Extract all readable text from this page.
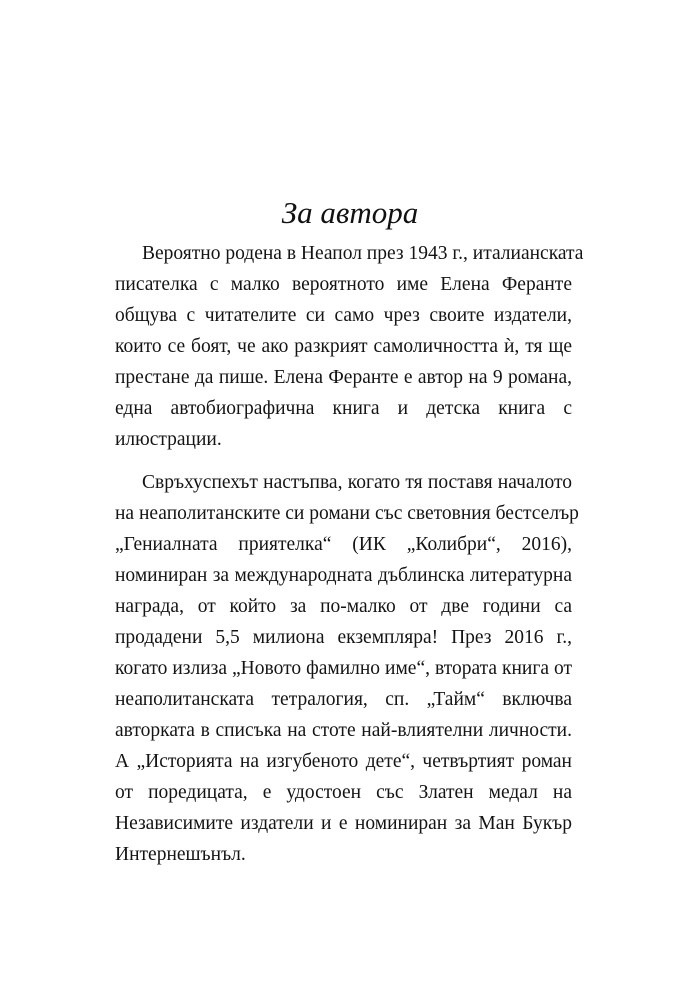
За автора
Вероятно родена в Неапол през 1943 г., италианската
писателка с малко вероятното име Елена Феранте
общува с читателите си само чрез своите издатели,
които се боят, че ако разкрият самоличността ѝ, тя ще
престане да пише. Елена Феранте е автор на 9 романа,
една автобиографична книга и детска книга с
илюстрации.
Свръхуспехът настъпва, когато тя поставя началото
на неаполитанските си романи със световния бестселър
„Гениалната приятелка“ (ИК „Колибри“, 2016),
номиниран за международната дъблинска литературна
награда, от който за по-малко от две години са
продадени 5,5 милиона екземпляра! През 2016 г.,
когато излиза „Новото фамилно име“, втората книга от
неаполитанската тетралогия, сп. „Тайм“ включва
авторката в списъка на стоте най-влиятелни личности.
А „Историята на изгубеното дете“, четвъртият роман
от поредицата, е удостоен със Златен медал на
Независимите издатели и е номиниран за Ман Букър
Интернешънъл.
